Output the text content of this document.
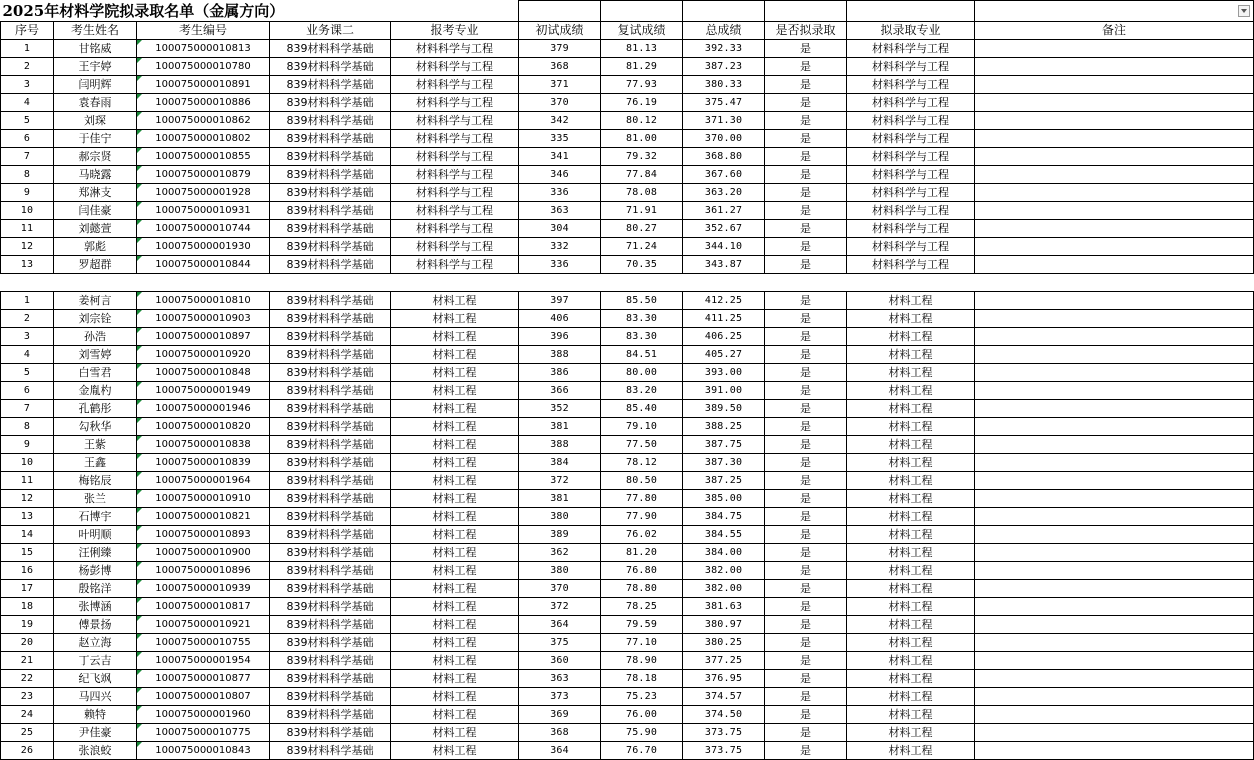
2025年材料学院拟录取名单（金属方向）										

序号	考生姓名	考生编号	业务课二	报考专业	初试成绩	复试成绩	总成绩	是否拟录取	拟录取专业	备注
1	甘铭威	100075000010813	839材料科学基础	材料科学与工程	379	81.13	392.33	是	材料科学与工程	
2	王宇婷	100075000010780	839材料科学基础	材料科学与工程	368	81.29	387.23	是	材料科学与工程	
3	闫明辉	100075000010891	839材料科学基础	材料科学与工程	371	77.93	380.33	是	材料科学与工程	
4	袁春雨	100075000010886	839材料科学基础	材料科学与工程	370	76.19	375.47	是	材料科学与工程	
5	刘琛	100075000010862	839材料科学基础	材料科学与工程	342	80.12	371.30	是	材料科学与工程	
6	于佳宁	100075000010802	839材料科学基础	材料科学与工程	335	81.00	370.00	是	材料科学与工程	
7	郝宗贤	100075000010855	839材料科学基础	材料科学与工程	341	79.32	368.80	是	材料科学与工程	
8	马晓露	100075000010879	839材料科学基础	材料科学与工程	346	77.84	367.60	是	材料科学与工程	
9	郑淋支	100075000001928	839材料科学基础	材料科学与工程	336	78.08	363.20	是	材料科学与工程	
10	闫佳豪	100075000010931	839材料科学基础	材料科学与工程	363	71.91	361.27	是	材料科学与工程	
11	刘懿萱	100075000010744	839材料科学基础	材料科学与工程	304	80.27	352.67	是	材料科学与工程	
12	郭彪	100075000001930	839材料科学基础	材料科学与工程	332	71.24	344.10	是	材料科学与工程	
13	罗超群	100075000010844	839材料科学基础	材料科学与工程	336	70.35	343.87	是	材料科学与工程	

1	姜柯言	100075000010810	839材料科学基础	材料工程	397	85.50	412.25	是	材料工程	
2	刘宗铨	100075000010903	839材料科学基础	材料工程	406	83.30	411.25	是	材料工程	
3	孙浩	100075000010897	839材料科学基础	材料工程	396	83.30	406.25	是	材料工程	
4	刘雪婷	100075000010920	839材料科学基础	材料工程	388	84.51	405.27	是	材料工程	
5	白雪君	100075000010848	839材料科学基础	材料工程	386	80.00	393.00	是	材料工程	
6	金胤杓	100075000001949	839材料科学基础	材料工程	366	83.20	391.00	是	材料工程	
7	孔鹤彤	100075000001946	839材料科学基础	材料工程	352	85.40	389.50	是	材料工程	
8	勾秋华	100075000010820	839材料科学基础	材料工程	381	79.10	388.25	是	材料工程	
9	王紫	100075000010838	839材料科学基础	材料工程	388	77.50	387.75	是	材料工程	
10	王鑫	100075000010839	839材料科学基础	材料工程	384	78.12	387.30	是	材料工程	
11	梅铭辰	100075000001964	839材料科学基础	材料工程	372	80.50	387.25	是	材料工程	
12	张兰	100075000010910	839材料科学基础	材料工程	381	77.80	385.00	是	材料工程	
13	石博宇	100075000010821	839材料科学基础	材料工程	380	77.90	384.75	是	材料工程	
14	叶明顺	100075000010893	839材料科学基础	材料工程	389	76.02	384.55	是	材料工程	
15	汪俐臻	100075000010900	839材料科学基础	材料工程	362	81.20	384.00	是	材料工程	
16	杨彭博	100075000010896	839材料科学基础	材料工程	380	76.80	382.00	是	材料工程	
17	殷铭洋	100075000010939	839材料科学基础	材料工程	370	78.80	382.00	是	材料工程	
18	张博涵	100075000010817	839材料科学基础	材料工程	372	78.25	381.63	是	材料工程	
19	傅景扬	100075000010921	839材料科学基础	材料工程	364	79.59	380.97	是	材料工程	
20	赵立海	100075000010755	839材料科学基础	材料工程	375	77.10	380.25	是	材料工程	
21	丁云吉	100075000001954	839材料科学基础	材料工程	360	78.90	377.25	是	材料工程	
22	纪飞飒	100075000010877	839材料科学基础	材料工程	363	78.18	376.95	是	材料工程	
23	马四兴	100075000010807	839材料科学基础	材料工程	373	75.23	374.57	是	材料工程	
24	赖特	100075000001960	839材料科学基础	材料工程	369	76.00	374.50	是	材料工程	
25	尹佳豪	100075000010775	839材料科学基础	材料工程	368	75.90	373.75	是	材料工程	
26	张浪蛟	100075000010843	839材料科学基础	材料工程	364	76.70	373.75	是	材料工程	
